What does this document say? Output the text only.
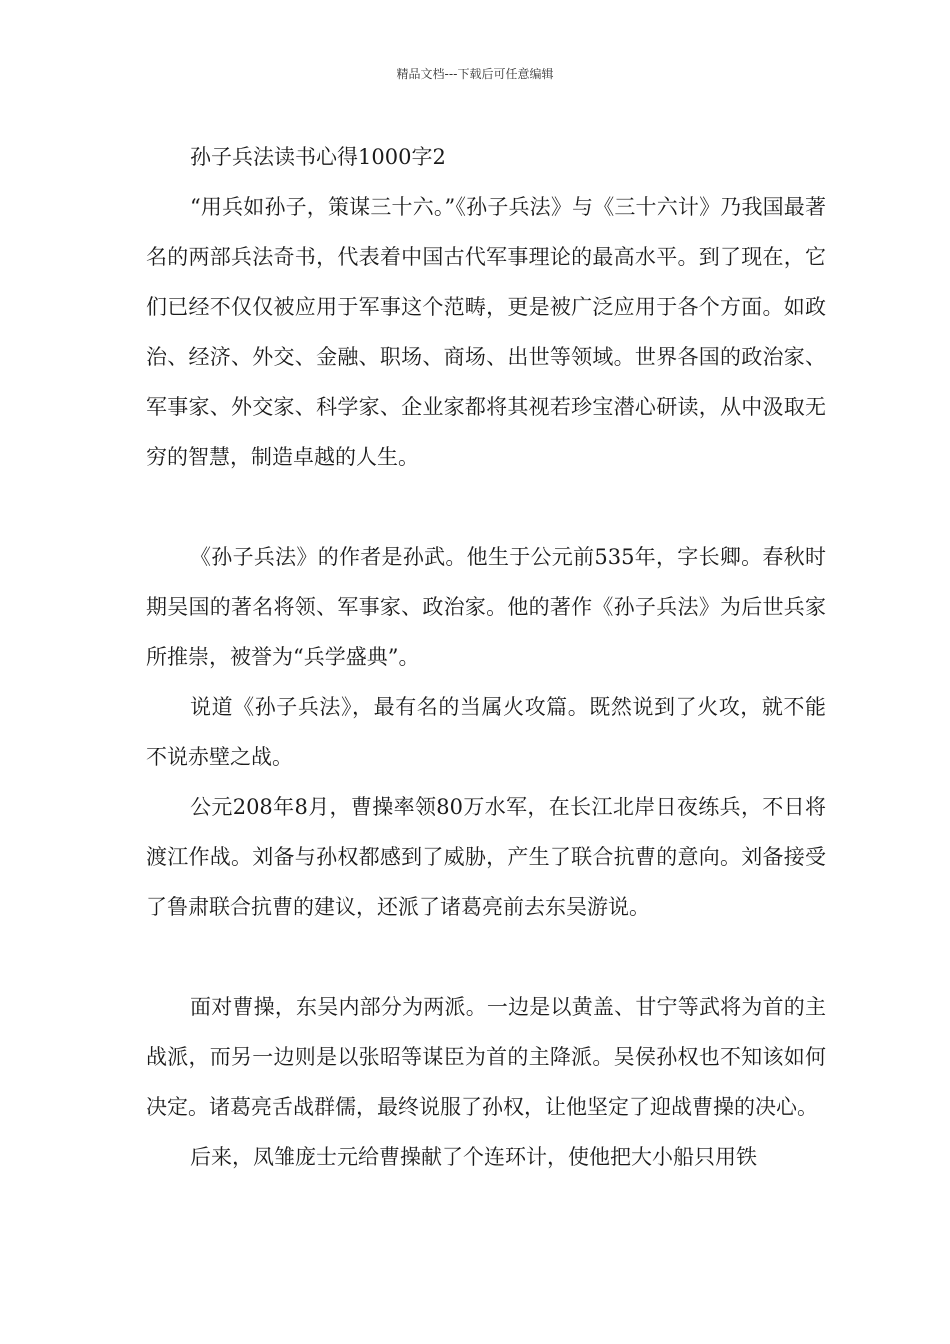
精品文档---下载后可任意编辑

孙子兵法读书心得1000字2

“用兵如孙子，策谋三十六。”《孙子兵法》与《三十六计》乃我国最著名的两部兵法奇书，代表着中国古代军事理论的最高水平。到了现在，它们已经不仅仅被应用于军事这个范畴，更是被广泛应用于各个方面。如政治、经济、外交、金融、职场、商场、出世等领域。世界各国的政治家、军事家、外交家、科学家、企业家都将其视若珍宝潜心研读，从中汲取无穷的智慧，制造卓越的人生。

《孙子兵法》的作者是孙武。他生于公元前535年，字长卿。春秋时期吴国的著名将领、军事家、政治家。他的著作《孙子兵法》为后世兵家所推崇，被誉为“兵学盛典”。

说道《孙子兵法》，最有名的当属火攻篇。既然说到了火攻，就不能不说赤壁之战。

公元208年8月，曹操率领80万水军，在长江北岸日夜练兵，不日将渡江作战。刘备与孙权都感到了威胁，产生了联合抗曹的意向。刘备接受了鲁肃联合抗曹的建议，还派了诸葛亮前去东吴游说。

面对曹操，东吴内部分为两派。一边是以黄盖、甘宁等武将为首的主战派，而另一边则是以张昭等谋臣为首的主降派。吴侯孙权也不知该如何决定。诸葛亮舌战群儒，最终说服了孙权，让他坚定了迎战曹操的决心。

后来，凤雏庞士元给曹操献了个连环计，使他把大小船只用铁
